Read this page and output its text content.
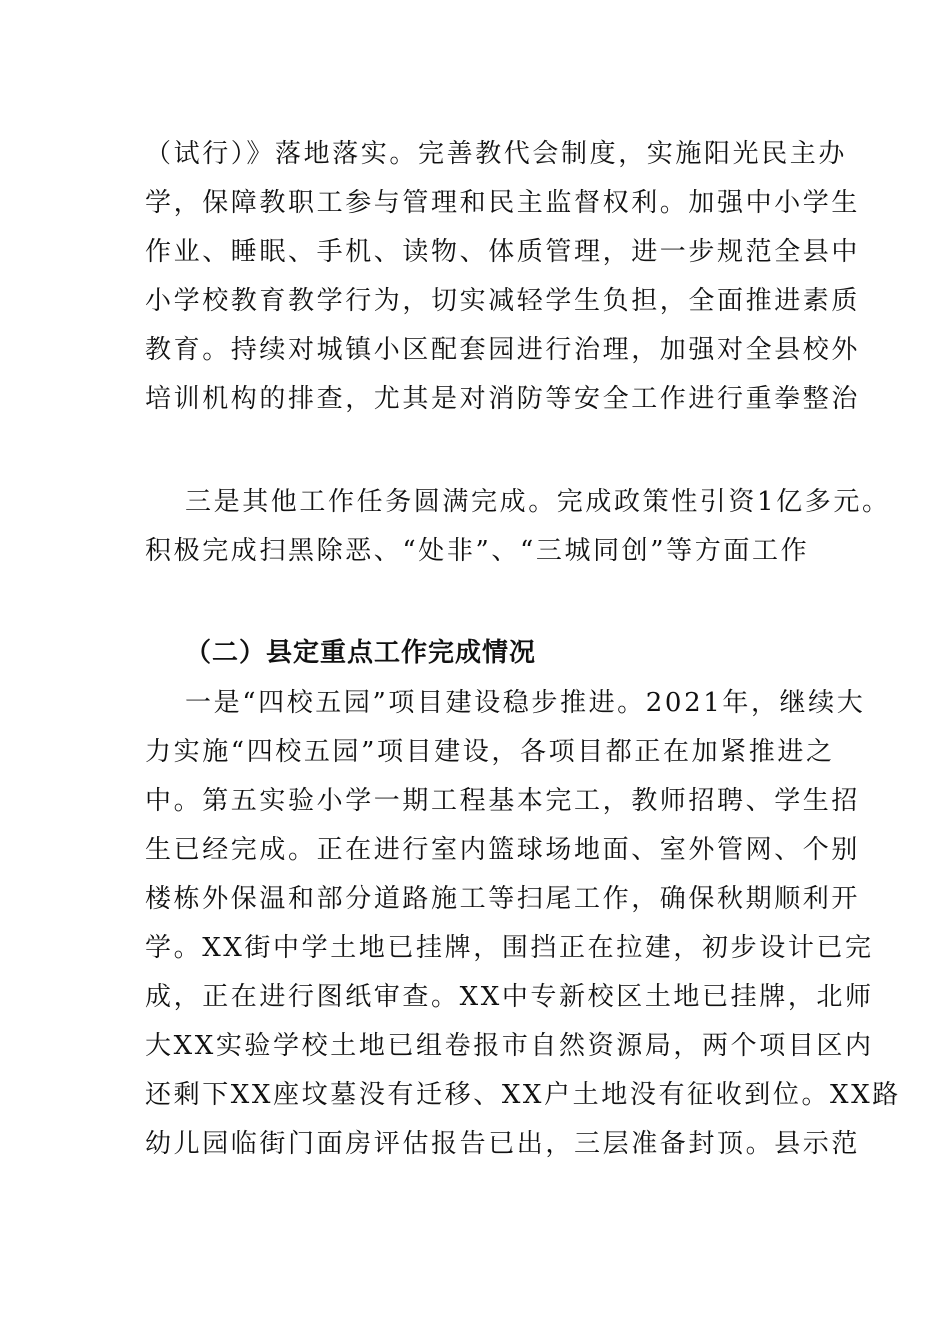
（试行）》落地落实。完善教代会制度，实施阳光民主办
学，保障教职工参与管理和民主监督权利。加强中小学生
作业、睡眠、手机、读物、体质管理，进一步规范全县中
小学校教育教学行为，切实减轻学生负担，全面推进素质
教育。持续对城镇小区配套园进行治理，加强对全县校外
培训机构的排查，尤其是对消防等安全工作进行重拳整治
三是其他工作任务圆满完成。完成政策性引资1亿多元。
积极完成扫黑除恶、“处非”、“三城同创”等方面工作
（二）县定重点工作完成情况
一是“四校五园”项目建设稳步推进。2021年，继续大
力实施“四校五园”项目建设，各项目都正在加紧推进之
中。第五实验小学一期工程基本完工，教师招聘、学生招
生已经完成。正在进行室内篮球场地面、室外管网、个别
楼栋外保温和部分道路施工等扫尾工作，确保秋期顺利开
学。XX街中学土地已挂牌，围挡正在拉建，初步设计已完
成，正在进行图纸审查。XX中专新校区土地已挂牌，北师
大XX实验学校土地已组卷报市自然资源局，两个项目区内
还剩下XX座坟墓没有迁移、XX户土地没有征收到位。XX路
幼儿园临街门面房评估报告已出，三层准备封顶。县示范
